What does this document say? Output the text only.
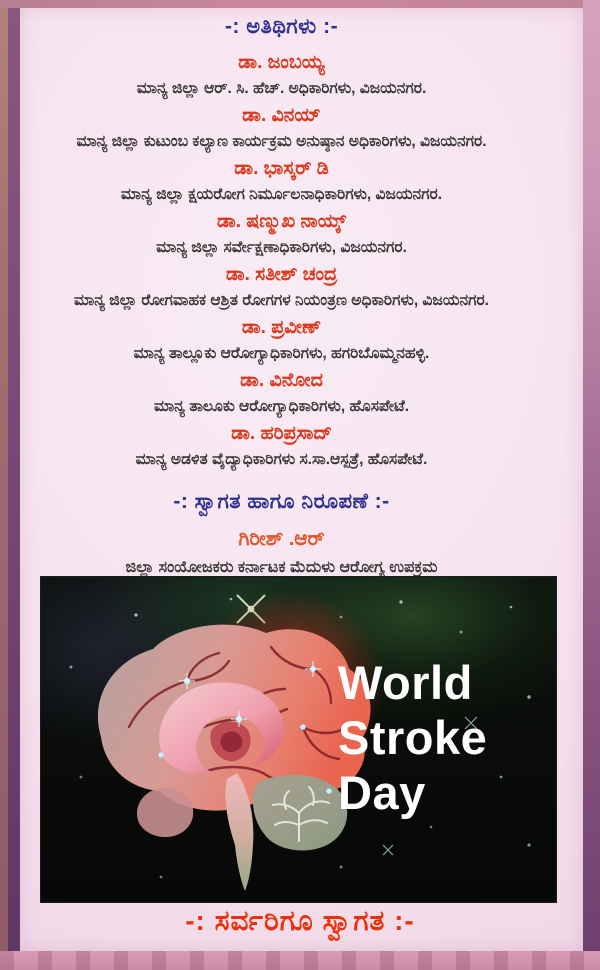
-: ಅತಿಥಿಗಳು :-

ಡಾ. ಜಂಬಯ್ಯ

ಮಾನ್ಯ ಜಿಲ್ಲಾ ಆರ್. ಸಿ. ಹೆಚ್. ಅಧಿಕಾರಿಗಳು, ವಿಜಯನಗರ.

ಡಾ. ವಿನಯ್

ಮಾನ್ಯ ಜಿಲ್ಲಾ ಕುಟುಂಬ ಕಲ್ಯಾಣ ಕಾರ್ಯಕ್ರಮ ಅನುಷ್ಠಾನ ಅಧಿಕಾರಿಗಳು, ವಿಜಯನಗರ.

ಡಾ. ಭಾಸ್ಕರ್ ಡಿ

ಮಾನ್ಯ ಜಿಲ್ಲಾ ಕ್ಷಯರೋಗ ನಿರ್ಮೂಲನಾಧಿಕಾರಿಗಳು, ವಿಜಯನಗರ.

ಡಾ. ಷಣ್ಮುಖ ನಾಯ್ಕ್

ಮಾನ್ಯ ಜಿಲ್ಲಾ ಸರ್ವೇಕ್ಷಣಾಧಿಕಾರಿಗಳು, ವಿಜಯನಗರ.

ಡಾ. ಸತೀಶ್ ಚಂದ್ರ

ಮಾನ್ಯ ಜಿಲ್ಲಾ ರೋಗವಾಹಕ ಆಶ್ರಿತ ರೋಗಗಳ ನಿಯಂತ್ರಣ ಅಧಿಕಾರಿಗಳು, ವಿಜಯನಗರ.

ಡಾ. ಪ್ರವೀಣ್

ಮಾನ್ಯ ತಾಲ್ಲೂಕು ಆರೋಗ್ಯಾಧಿಕಾರಿಗಳು, ಹಗರಿಬೊಮ್ಮನಹಳ್ಳಿ.

ಡಾ. ವಿನೋದ

ಮಾನ್ಯ ತಾಲೂಕು ಆರೋಗ್ಯಾಧಿಕಾರಿಗಳು, ಹೊಸಪೇಟೆ.

ಡಾ. ಹರಿಪ್ರಸಾದ್

ಮಾನ್ಯ ಅಡಳಿತ ವೈದ್ಯಾಧಿಕಾರಿಗಳು ಸ.ಸಾ.ಆಸ್ಪತ್ರೆ, ಹೊಸಪೇಟೆ.

-: ಸ್ವಾಗತ ಹಾಗೂ ನಿರೂಪಣೆ :-

ಗಿರೀಶ್ .ಆರ್

ಜಿಲ್ಲಾ ಸಂಯೋಜಕರು ಕರ್ನಾಟಕ ಮೆದುಳು ಆರೋಗ್ಯ ಉಪಕ್ರಮ

World
Stroke
Day
-: ಸರ್ವರಿಗೂ ಸ್ವಾಗತ :-
